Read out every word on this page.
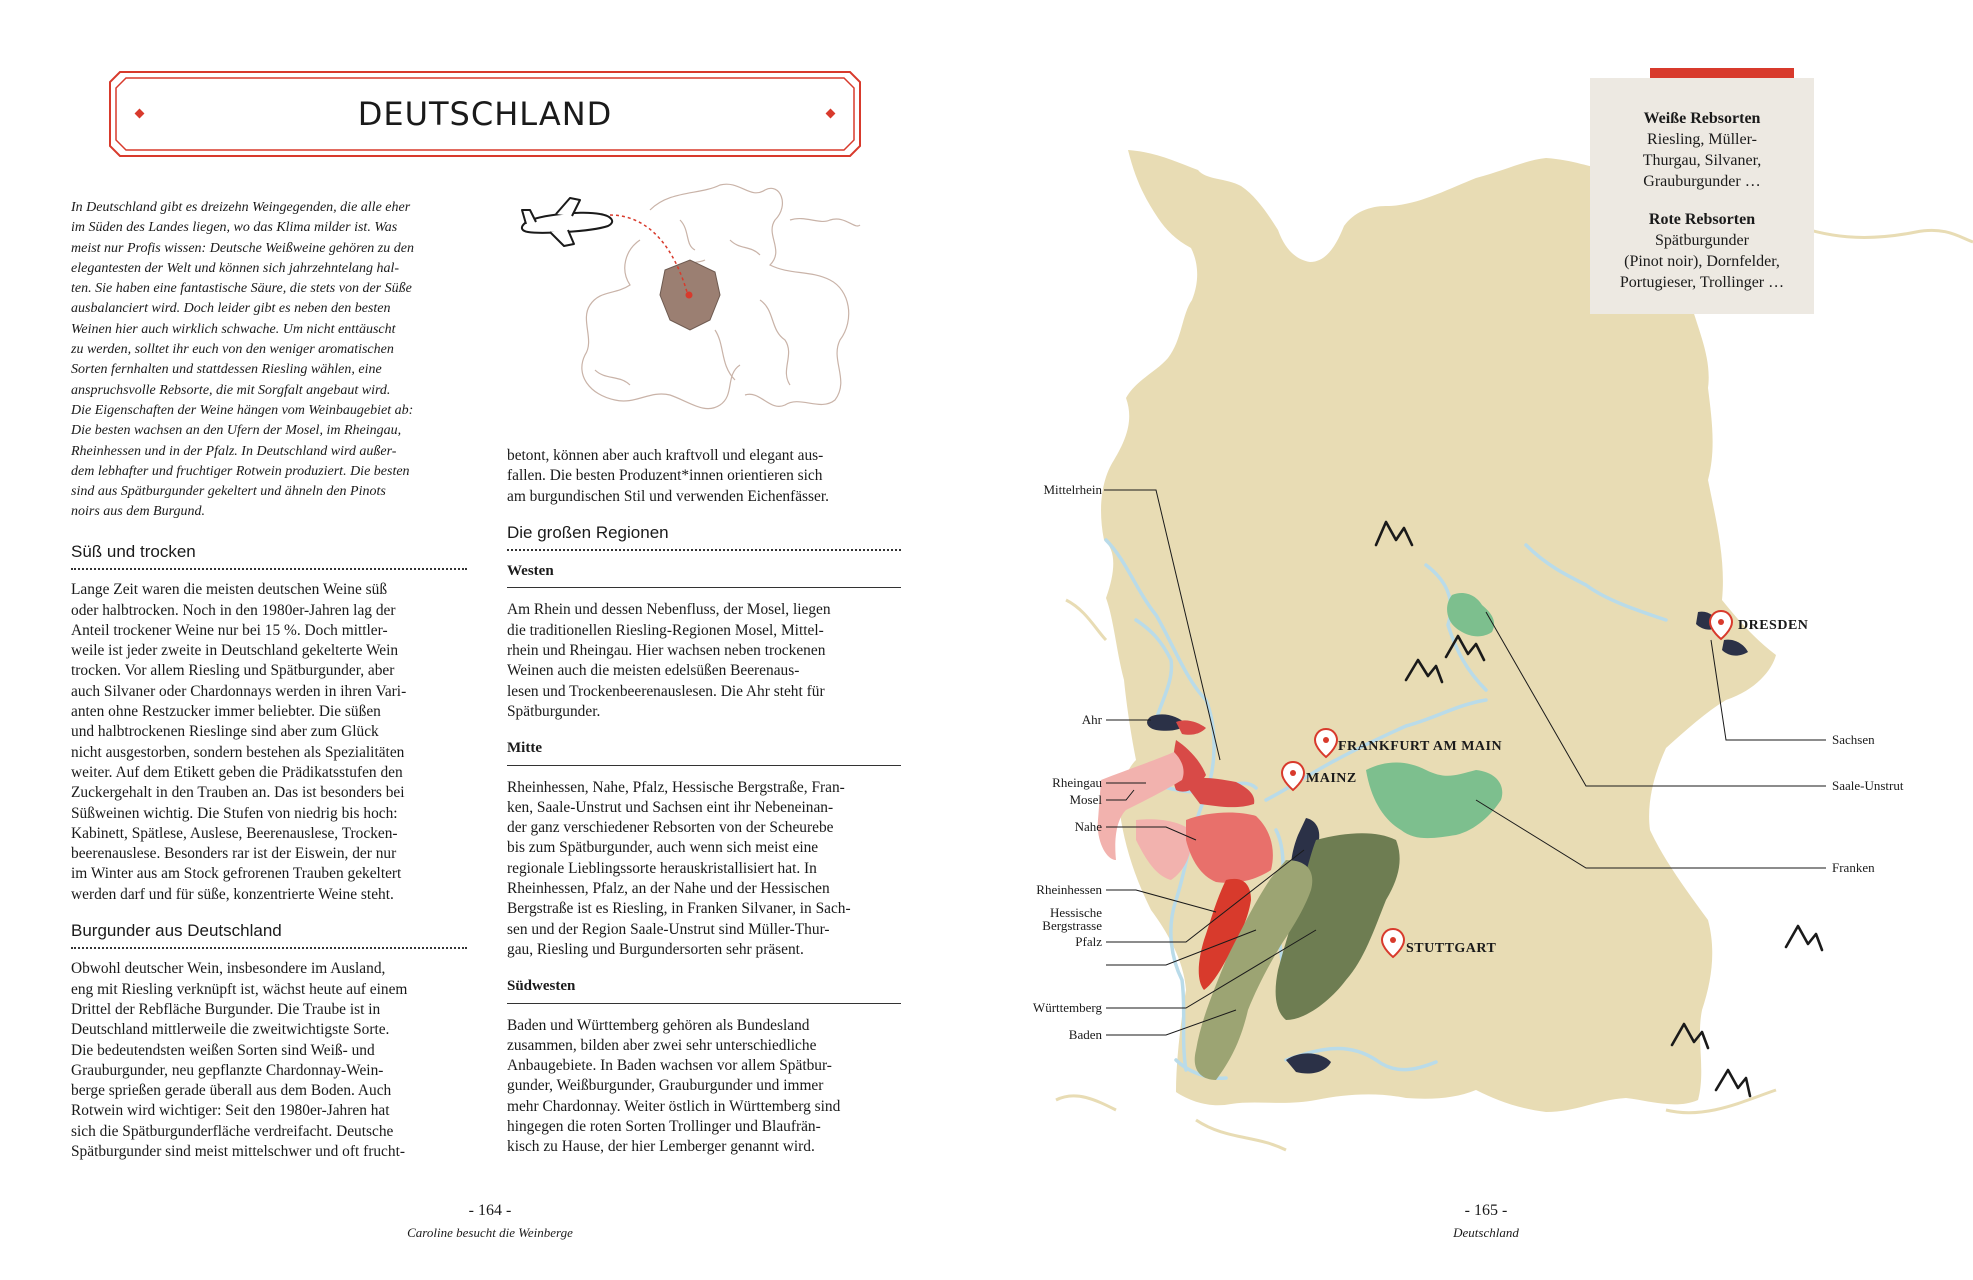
DEUTSCHLAND
In Deutschland gibt es dreizehn Weingegenden, die alle eher
im Süden des Landes liegen, wo das Klima milder ist. Was
meist nur Profis wissen: Deutsche Weißweine gehören zu den
elegantesten der Welt und können sich jahrzehntelang hal-
ten. Sie haben eine fantastische Säure, die stets von der Süße
ausbalanciert wird. Doch leider gibt es neben den besten
Weinen hier auch wirklich schwache. Um nicht enttäuscht
zu werden, solltet ihr euch von den weniger aromatischen
Sorten fernhalten und stattdessen Riesling wählen, eine
anspruchsvolle Rebsorte, die mit Sorgfalt angebaut wird.
Die Eigenschaften der Weine hängen vom Weinbaugebiet ab:
Die besten wachsen an den Ufern der Mosel, im Rheingau,
Rheinhessen und in der Pfalz. In Deutschland wird außer-
dem lebhafter und fruchtiger Rotwein produziert. Die besten
sind aus Spätburgunder gekeltert und ähneln den Pinots
noirs aus dem Burgund.
Süß und trocken
Lange Zeit waren die meisten deutschen Weine süß
oder halbtrocken. Noch in den 1980er-Jahren lag der
Anteil trockener Weine nur bei 15 %. Doch mittler-
weile ist jeder zweite in Deutschland gekelterte Wein
trocken. Vor allem Riesling und Spätburgunder, aber
auch Silvaner oder Chardonnays werden in ihren Vari-
anten ohne Restzucker immer beliebter. Die süßen
und halbtrockenen Rieslinge sind aber zum Glück
nicht ausgestorben, sondern bestehen als Spezialitäten
weiter. Auf dem Etikett geben die Prädikatsstufen den
Zuckergehalt in den Trauben an. Das ist besonders bei
Süßweinen wichtig. Die Stufen von niedrig bis hoch:
Kabinett, Spätlese, Auslese, Beerenauslese, Trocken-
beerenauslese. Besonders rar ist der Eiswein, der nur
im Winter aus am Stock gefrorenen Trauben gekeltert
werden darf und für süße, konzentrierte Weine steht.
Burgunder aus Deutschland
Obwohl deutscher Wein, insbesondere im Ausland,
eng mit Riesling verknüpft ist, wächst heute auf einem
Drittel der Rebfläche Burgunder. Die Traube ist in
Deutschland mittlerweile die zweitwichtigste Sorte.
Die bedeutendsten weißen Sorten sind Weiß- und
Grauburgunder, neu gepflanzte Chardonnay-Wein-
berge sprießen gerade überall aus dem Boden. Auch
Rotwein wird wichtiger: Seit den 1980er-Jahren hat
sich die Spätburgunderfläche verdreifacht. Deutsche
Spätburgunder sind meist mittelschwer und oft frucht-
betont, können aber auch kraftvoll und elegant aus-
fallen. Die besten Produzent*innen orientieren sich
am burgundischen Stil und verwenden Eichenfässer.
Die großen Regionen
Westen
Am Rhein und dessen Nebenfluss, der Mosel, liegen
die traditionellen Riesling-Regionen Mosel, Mittel-
rhein und Rheingau. Hier wachsen neben trockenen
Weinen auch die meisten edelsüßen Beerenaus-
lesen und Trockenbeerenauslesen. Die Ahr steht für
Spätburgunder.
Mitte
Rheinhessen, Nahe, Pfalz, Hessische Bergstraße, Fran-
ken, Saale-Unstrut und Sachsen eint ihr Nebeneinan-
der ganz verschiedener Rebsorten von der Scheurebe
bis zum Spätburgunder, auch wenn sich meist eine
regionale Lieblingssorte herauskristallisiert hat. In
Rheinhessen, Pfalz, an der Nahe und der Hessischen
Bergstraße ist es Riesling, in Franken Silvaner, in Sach-
sen und der Region Saale-Unstrut sind Müller-Thur-
gau, Riesling und Burgundersorten sehr präsent.
Südwesten
Baden und Württemberg gehören als Bundesland
zusammen, bilden aber zwei sehr unterschiedliche
Anbaugebiete. In Baden wachsen vor allem Spätbur-
gunder, Weißburgunder, Grauburgunder und immer
mehr Chardonnay. Weiter östlich in Württemberg sind
hingegen die roten Sorten Trollinger und Blaufrän-
kisch zu Hause, der hier Lemberger genannt wird.
- 164 -
Caroline besucht die Weinberge
Weiße Rebsorten
Riesling, Müller-
Thurgau, Silvaner,
Grauburgunder …
Rote Rebsorten
Spätburgunder
(Pinot noir), Dornfelder,
Portugieser, Trollinger …
DRESDEN
FRANKFURT AM MAIN
MAINZ
STUTTGART
Mittelrhein
Ahr
Rheingau
Mosel
Nahe
Rheinhessen
Hessische
Bergstrasse
Pfalz
Württemberg
Baden
Sachsen
Saale-Unstrut
Franken
- 165 -
Deutschland
